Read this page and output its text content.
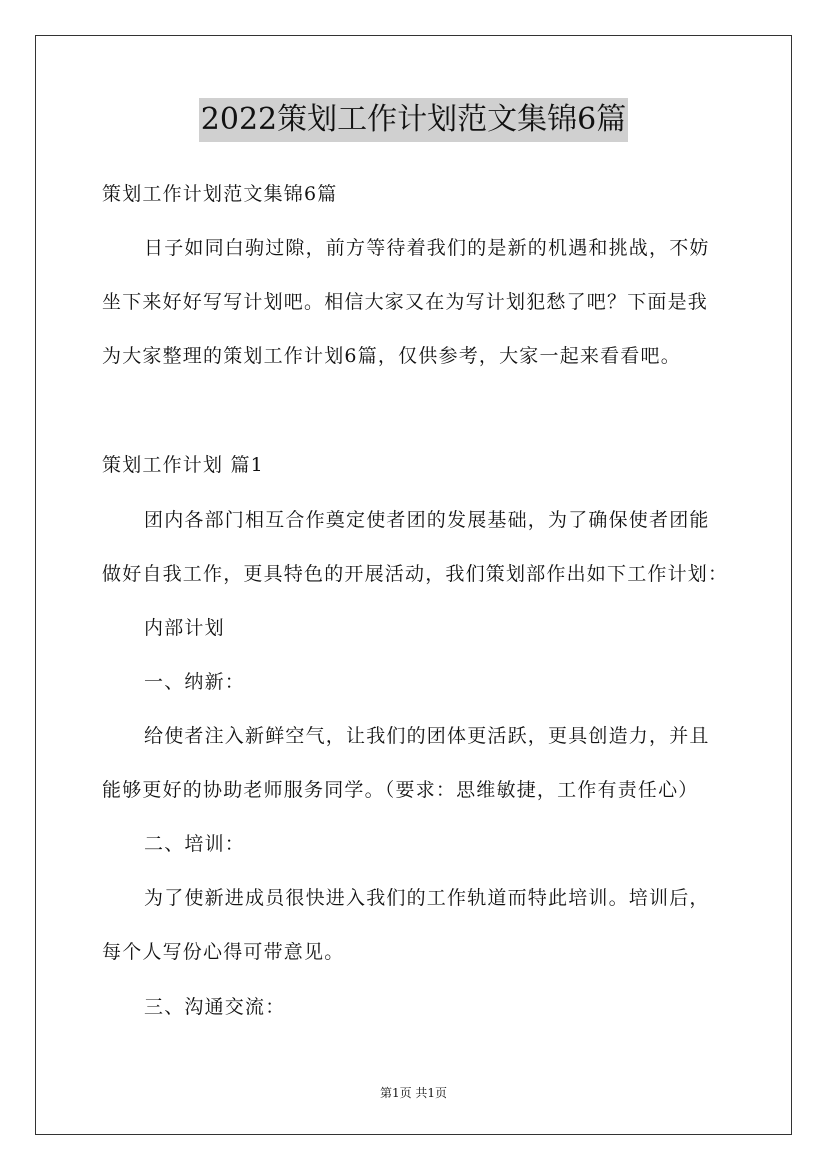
2022策划工作计划范文集锦6篇
策划工作计划范文集锦6篇
日子如同白驹过隙，前方等待着我们的是新的机遇和挑战，不妨
坐下来好好写写计划吧。相信大家又在为写计划犯愁了吧？下面是我
为大家整理的策划工作计划6篇，仅供参考，大家一起来看看吧。
策划工作计划 篇1
团内各部门相互合作奠定使者团的发展基础，为了确保使者团能
做好自我工作，更具特色的开展活动，我们策划部作出如下工作计划：
内部计划
一、纳新：
给使者注入新鲜空气，让我们的团体更活跃，更具创造力，并且
能够更好的协助老师服务同学。（要求：思维敏捷，工作有责任心）
二、培训：
为了使新进成员很快进入我们的工作轨道而特此培训。培训后，
每个人写份心得可带意见。
三、沟通交流：
第1页 共1页
